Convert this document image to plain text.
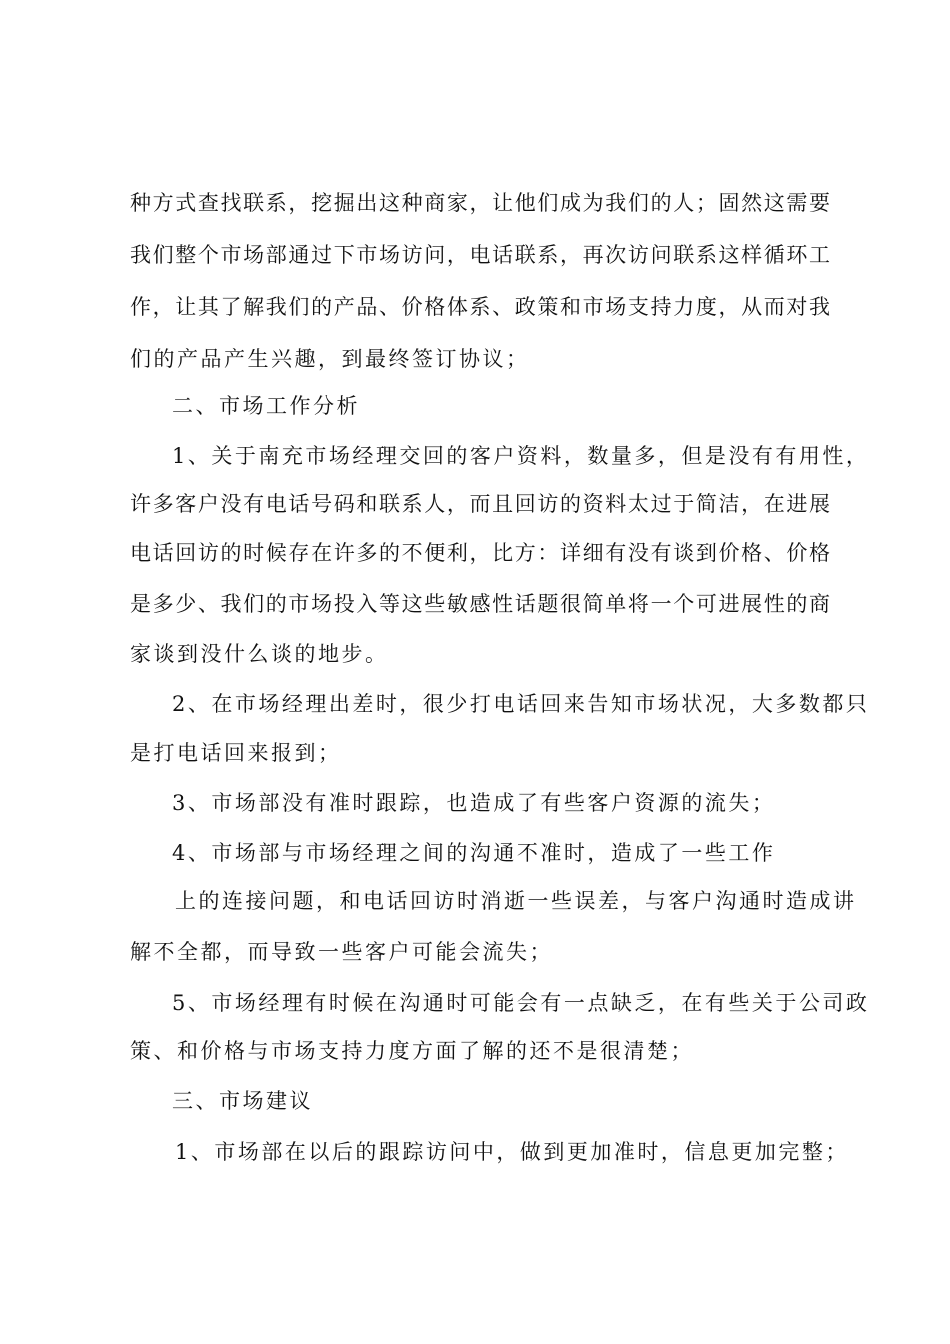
种方式查找联系，挖掘出这种商家，让他们成为我们的人；固然这需要
我们整个市场部通过下市场访问，电话联系，再次访问联系这样循环工
作，让其了解我们的产品、价格体系、政策和市场支持力度，从而对我
们的产品产生兴趣，到最终签订协议；
二、市场工作分析
1、关于南充市场经理交回的客户资料，数量多，但是没有有用性，
许多客户没有电话号码和联系人，而且回访的资料太过于简洁，在进展
电话回访的时候存在许多的不便利，比方：详细有没有谈到价格、价格
是多少、我们的市场投入等这些敏感性话题很简单将一个可进展性的商
家谈到没什么谈的地步。
2、在市场经理出差时，很少打电话回来告知市场状况，大多数都只
是打电话回来报到；
3、市场部没有准时跟踪，也造成了有些客户资源的流失；
4、市场部与市场经理之间的沟通不准时，造成了一些工作
上的连接问题，和电话回访时消逝一些误差，与客户沟通时造成讲
解不全都，而导致一些客户可能会流失；
5、市场经理有时候在沟通时可能会有一点缺乏，在有些关于公司政
策、和价格与市场支持力度方面了解的还不是很清楚；
三、市场建议
1、市场部在以后的跟踪访问中，做到更加准时，信息更加完整；
